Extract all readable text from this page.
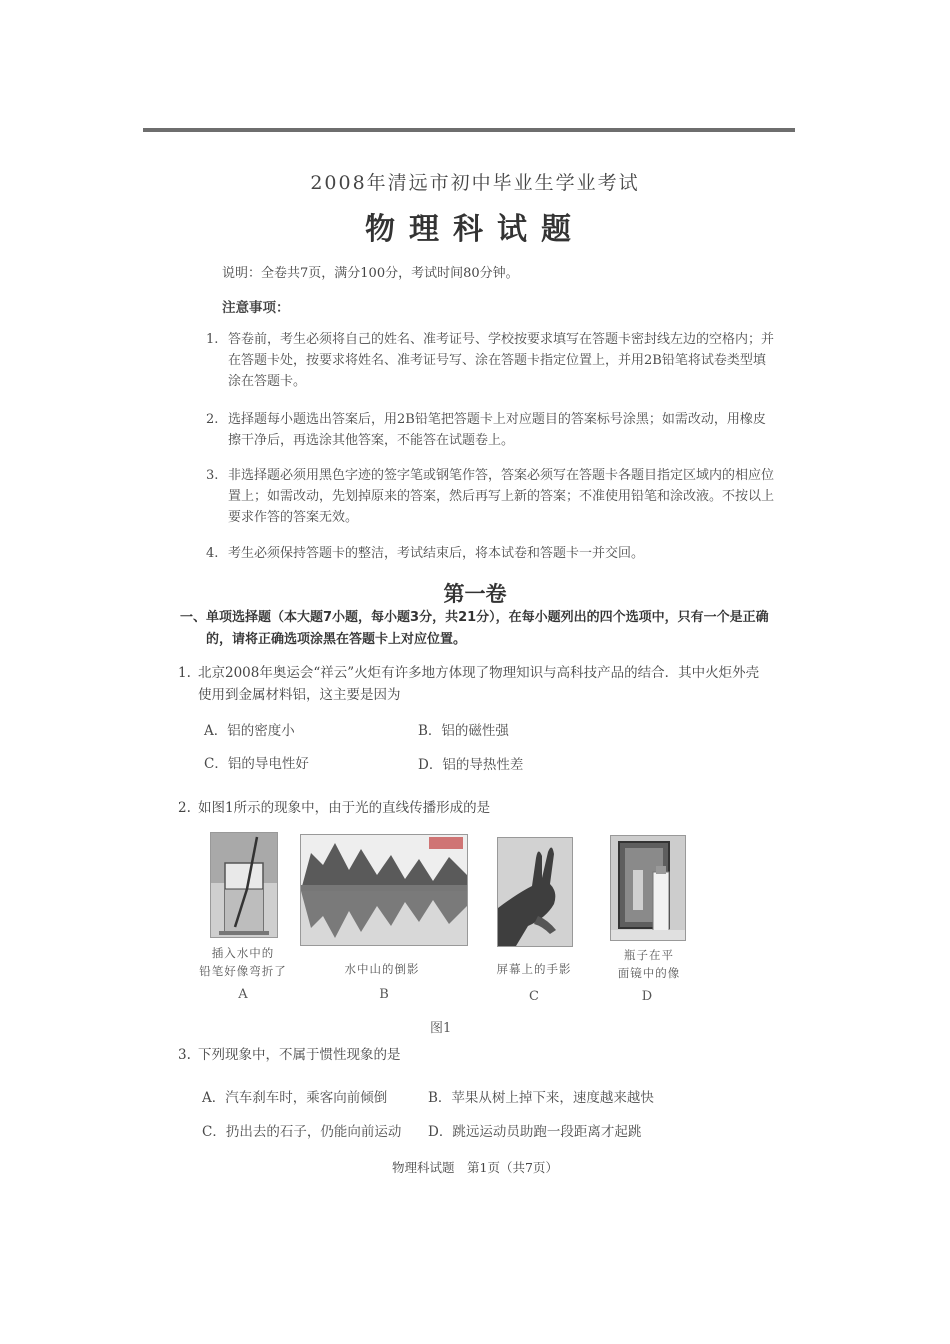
2008年清远市初中毕业生学业考试
物理科试题
说明：全卷共7页，满分100分，考试时间80分钟。
注意事项：
1. 答卷前，考生必须将自己的姓名、准考证号、学校按要求填写在答题卡密封线左边的空格内；并在答题卡处，按要求将姓名、准考证号写、涂在答题卡指定位置上，并用2B铅笔将试卷类型填涂在答题卡。
2. 选择题每小题选出答案后，用2B铅笔把答题卡上对应题目的答案标号涂黑；如需改动，用橡皮擦干净后，再选涂其他答案，不能答在试题卷上。
3. 非选择题必须用黑色字迹的签字笔或钢笔作答，答案必须写在答题卡各题目指定区域内的相应位置上；如需改动，先划掉原来的答案，然后再写上新的答案；不准使用铅笔和涂改液。不按以上要求作答的答案无效。
4. 考生必须保持答题卡的整洁，考试结束后，将本试卷和答题卡一并交回。
第一卷
一、 单项选择题（本大题7小题，每小题3分，共21分），在每小题列出的四个选项中，只有一个是正确的，请将正确选项涂黑在答题卡上对应位置。
1. 北京2008年奥运会“祥云”火炬有许多地方体现了物理知识与高科技产品的结合．其中火炬外壳使用到金属材料铝，这主要是因为
A．铝的密度小	B．铝的磁性强
C．铝的导电性好	D．铝的导热性差
2. 如图1所示的现象中，由于光的直线传播形成的是
插入水中的
铅笔好像弯折了
A
水中山的倒影
B
屏幕上的手影
C
瓶子在平
面镜中的像
D
图1
3. 下列现象中，不属于惯性现象的是
A．汽车刹车时，乘客向前倾倒	B．苹果从树上掉下来，速度越来越快
C．扔出去的石子，仍能向前运动 D．跳远运动员助跑一段距离才起跳
物理科试题　第1页（共7页）
